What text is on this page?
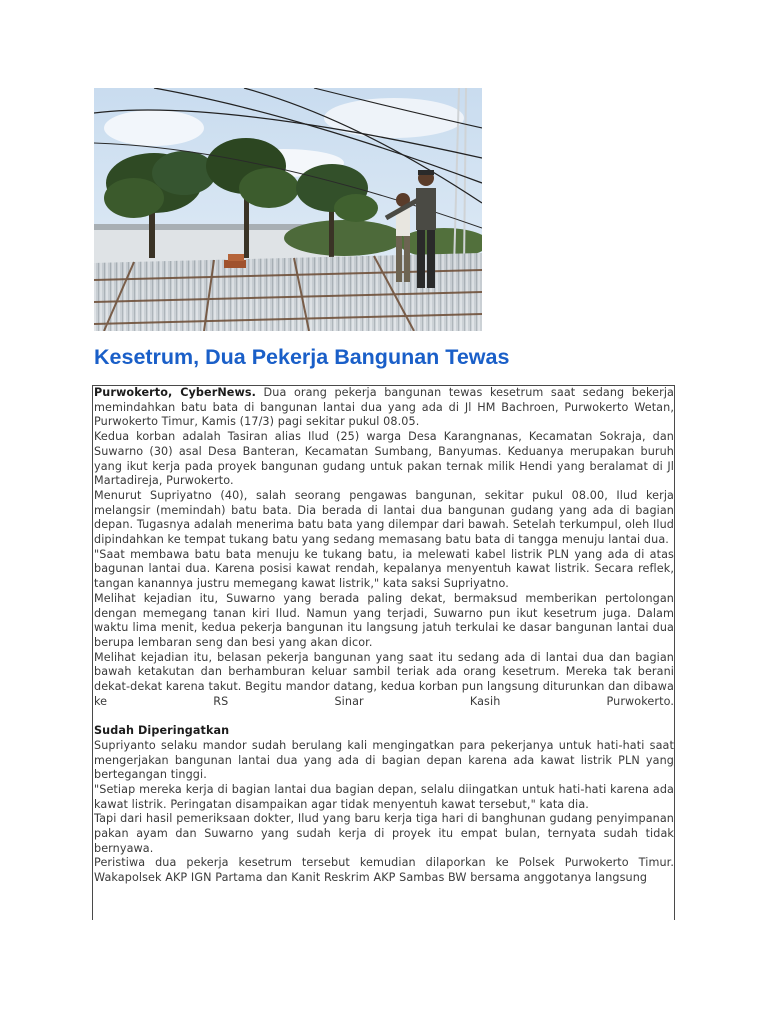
Kesetrum, Dua Pekerja Bangunan Tewas

Purwokerto, CyberNews. Dua orang pekerja bangunan tewas kesetrum saat sedang bekerja memindahkan batu bata di bangunan lantai dua yang ada di Jl HM Bachroen, Purwokerto Wetan, Purwokerto Timur, Kamis (17/3) pagi sekitar pukul 08.05.

Kedua korban adalah Tasiran alias Ilud (25) warga Desa Karangnanas, Kecamatan Sokraja, dan Suwarno (30) asal Desa Banteran, Kecamatan Sumbang, Banyumas. Keduanya merupakan buruh yang ikut kerja pada proyek bangunan gudang untuk pakan ternak milik Hendi yang beralamat di Jl Martadireja, Purwokerto.

Menurut Supriyatno (40), salah seorang pengawas bangunan, sekitar pukul 08.00, Ilud kerja melangsir (memindah) batu bata. Dia berada di lantai dua bangunan gudang yang ada di bagian depan. Tugasnya adalah menerima batu bata yang dilempar dari bawah. Setelah terkumpul, oleh Ilud dipindahkan ke tempat tukang batu yang sedang memasang batu bata di tangga menuju lantai dua.

"Saat membawa batu bata menuju ke tukang batu, ia melewati kabel listrik PLN yang ada di atas bagunan lantai dua. Karena posisi kawat rendah, kepalanya menyentuh kawat listrik. Secara reflek, tangan kanannya justru memegang kawat listrik," kata saksi Supriyatno.

Melihat kejadian itu, Suwarno yang berada paling dekat, bermaksud memberikan pertolongan dengan memegang tanan kiri Ilud. Namun yang terjadi, Suwarno pun ikut kesetrum juga. Dalam waktu lima menit, kedua pekerja bangunan itu langsung jatuh terkulai ke dasar bangunan lantai dua berupa lembaran seng dan besi yang akan dicor.

Melihat kejadian itu, belasan pekerja bangunan yang saat itu sedang ada di lantai dua dan bagian bawah ketakutan dan berhamburan keluar sambil teriak ada orang kesetrum. Mereka tak berani dekat-dekat karena takut. Begitu mandor datang, kedua korban pun langsung diturunkan dan dibawa ke RS Sinar Kasih Purwokerto.

Sudah Diperingatkan

Supriyanto selaku mandor sudah berulang kali mengingatkan para pekerjanya untuk hati-hati saat mengerjakan bangunan lantai dua yang ada di bagian depan karena ada kawat listrik PLN yang bertegangan tinggi.

"Setiap mereka kerja di bagian lantai dua bagian depan, selalu diingatkan untuk hati-hati karena ada kawat listrik. Peringatan disampaikan agar tidak menyentuh kawat tersebut," kata dia.

Tapi dari hasil pemeriksaan dokter, Ilud yang baru kerja tiga hari di banghunan gudang penyimpanan pakan ayam dan Suwarno yang sudah kerja di proyek itu empat bulan, ternyata sudah tidak bernyawa.

Peristiwa dua pekerja kesetrum tersebut kemudian dilaporkan ke Polsek Purwokerto Timur. Wakapolsek AKP IGN Partama dan Kanit Reskrim AKP Sambas BW bersama anggotanya langsung
